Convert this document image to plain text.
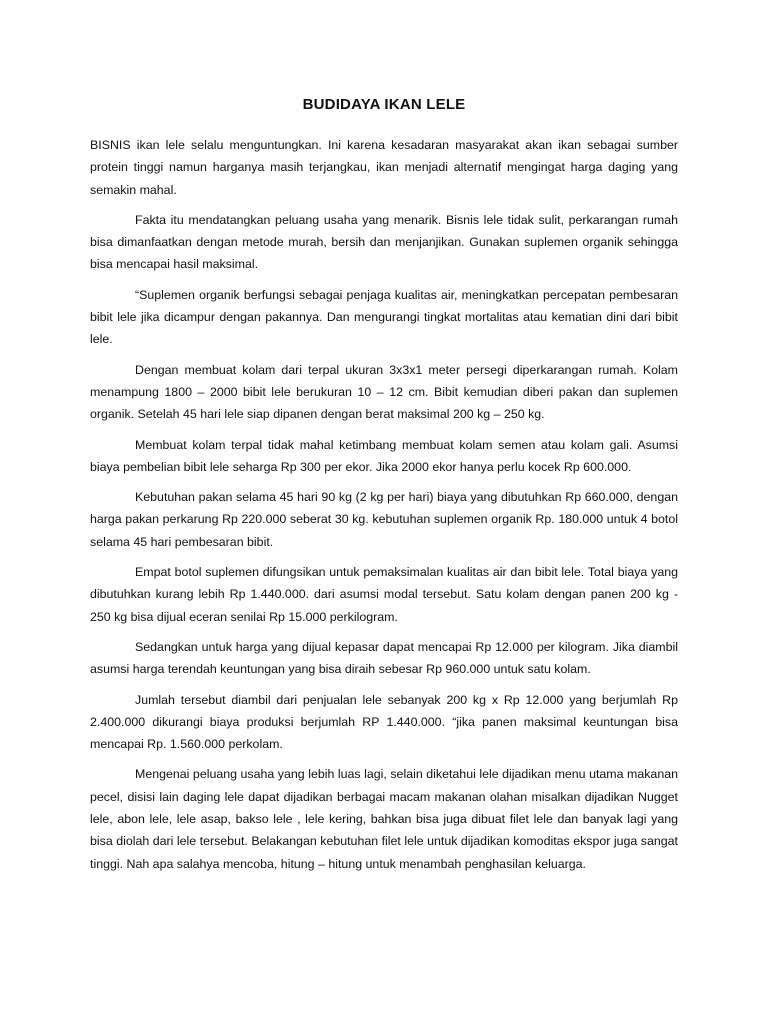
BUDIDAYA IKAN LELE

BISNIS ikan lele selalu menguntungkan. Ini karena kesadaran masyarakat akan ikan sebagai sumber protein tinggi namun harganya masih terjangkau, ikan menjadi alternatif mengingat harga daging yang semakin mahal.

Fakta itu mendatangkan peluang usaha yang menarik. Bisnis lele tidak sulit, perkarangan rumah bisa dimanfaatkan dengan metode murah, bersih dan menjanjikan. Gunakan suplemen organik sehingga bisa mencapai hasil maksimal.

“Suplemen organik berfungsi sebagai penjaga kualitas air, meningkatkan percepatan pembesaran bibit lele jika dicampur dengan pakannya. Dan mengurangi tingkat mortalitas atau kematian dini dari bibit lele.

Dengan membuat kolam dari terpal ukuran 3x3x1 meter persegi diperkarangan rumah. Kolam menampung 1800 – 2000 bibit lele berukuran 10 – 12 cm. Bibit kemudian diberi pakan dan suplemen organik. Setelah 45 hari lele siap dipanen dengan berat maksimal 200 kg – 250 kg.

Membuat kolam terpal tidak mahal ketimbang membuat kolam semen atau kolam gali. Asumsi biaya pembelian bibit lele seharga Rp 300 per ekor. Jika 2000 ekor hanya perlu kocek Rp 600.000.

Kebutuhan pakan selama 45 hari 90 kg (2 kg per hari) biaya yang dibutuhkan Rp 660.000, dengan harga pakan perkarung Rp 220.000 seberat 30 kg. kebutuhan suplemen organik Rp. 180.000 untuk 4 botol selama 45 hari pembesaran bibit.

Empat botol suplemen difungsikan untuk pemaksimalan kualitas air dan bibit lele. Total biaya yang dibutuhkan kurang lebih Rp 1.440.000. dari asumsi modal tersebut. Satu kolam dengan panen 200 kg - 250 kg bisa dijual eceran senilai Rp 15.000 perkilogram.

Sedangkan untuk harga yang dijual kepasar dapat mencapai Rp 12.000 per kilogram. Jika diambil asumsi harga terendah keuntungan yang bisa diraih sebesar Rp 960.000 untuk satu kolam.

Jumlah tersebut diambil dari penjualan lele sebanyak 200 kg x Rp 12.000 yang berjumlah Rp 2.400.000 dikurangi biaya produksi berjumlah RP 1.440.000. “jika panen maksimal keuntungan bisa mencapai Rp. 1.560.000 perkolam.

Mengenai peluang usaha yang lebih luas lagi, selain diketahui lele dijadikan menu utama makanan pecel, disisi lain daging lele dapat dijadikan berbagai macam makanan olahan misalkan dijadikan Nugget lele, abon lele, lele asap, bakso lele , lele kering, bahkan bisa juga dibuat filet lele dan banyak lagi yang bisa diolah dari lele tersebut. Belakangan kebutuhan filet lele untuk dijadikan komoditas ekspor juga sangat tinggi. Nah apa salahya mencoba, hitung – hitung untuk menambah penghasilan keluarga.
